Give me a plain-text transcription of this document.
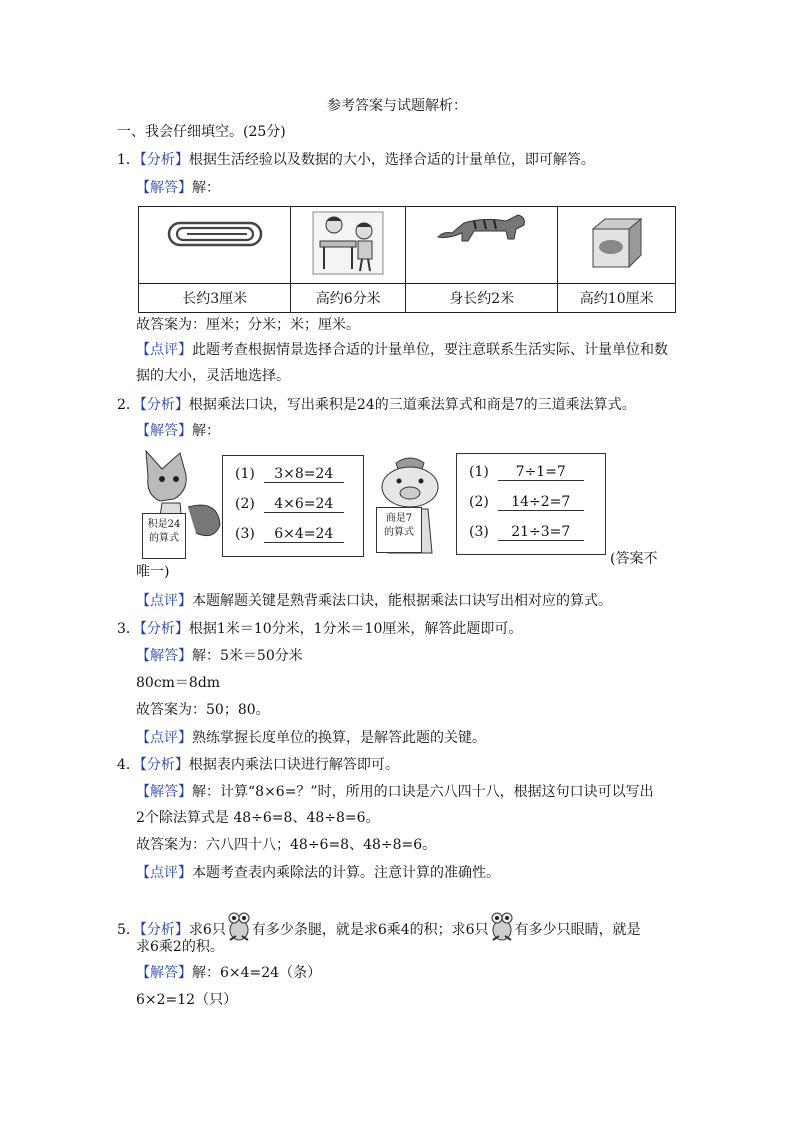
参考答案与试题解析：
一、我会仔细填空。(25分)
1．【分析】根据生活经验以及数据的大小，选择合适的计量单位，即可解答。
【解答】解：

长约3厘米	高约6分米	身长约2米	高约10厘米
故答案为：厘米；分米；米；厘米。
【点评】此题考查根据情景选择合适的计量单位，要注意联系生活实际、计量单位和数
据的大小，灵活地选择。
2．【分析】根据乘法口诀，写出乘积是24的三道乘法算式和商是7的三道乘法算式。
【解答】解：
积是24
的算式
(1) 3×8=24
(2) 4×6=24
(3) 6×4=24
商是7
的算式
(1) 7÷1=7
(2) 14÷2=7
(3) 21÷3=7
(答案不
唯一)
【点评】本题解题关键是熟背乘法口诀，能根据乘法口诀写出相对应的算式。
3．【分析】根据1米＝10分米，1分米＝10厘米，解答此题即可。
【解答】解：5米＝50分米
80cm＝8dm
故答案为：50；80。
【点评】熟练掌握长度单位的换算，是解答此题的关键。
4．【分析】根据表内乘法口诀进行解答即可。
【解答】解：计算“8×6=？”时，所用的口诀是六八四十八，根据这句口诀可以写出
2个除法算式是 48÷6=8、48÷8=6。
故答案为：六八四十八；48÷6=8、48÷8=6。
【点评】本题考查表内乘除法的计算。注意计算的准确性。
5．【分析】求6只 有多少条腿，就是求6乘4的积；求6只 有多少只眼睛，就是
求6乘2的积。
【解答】解：6×4=24（条）
6×2=12（只）
